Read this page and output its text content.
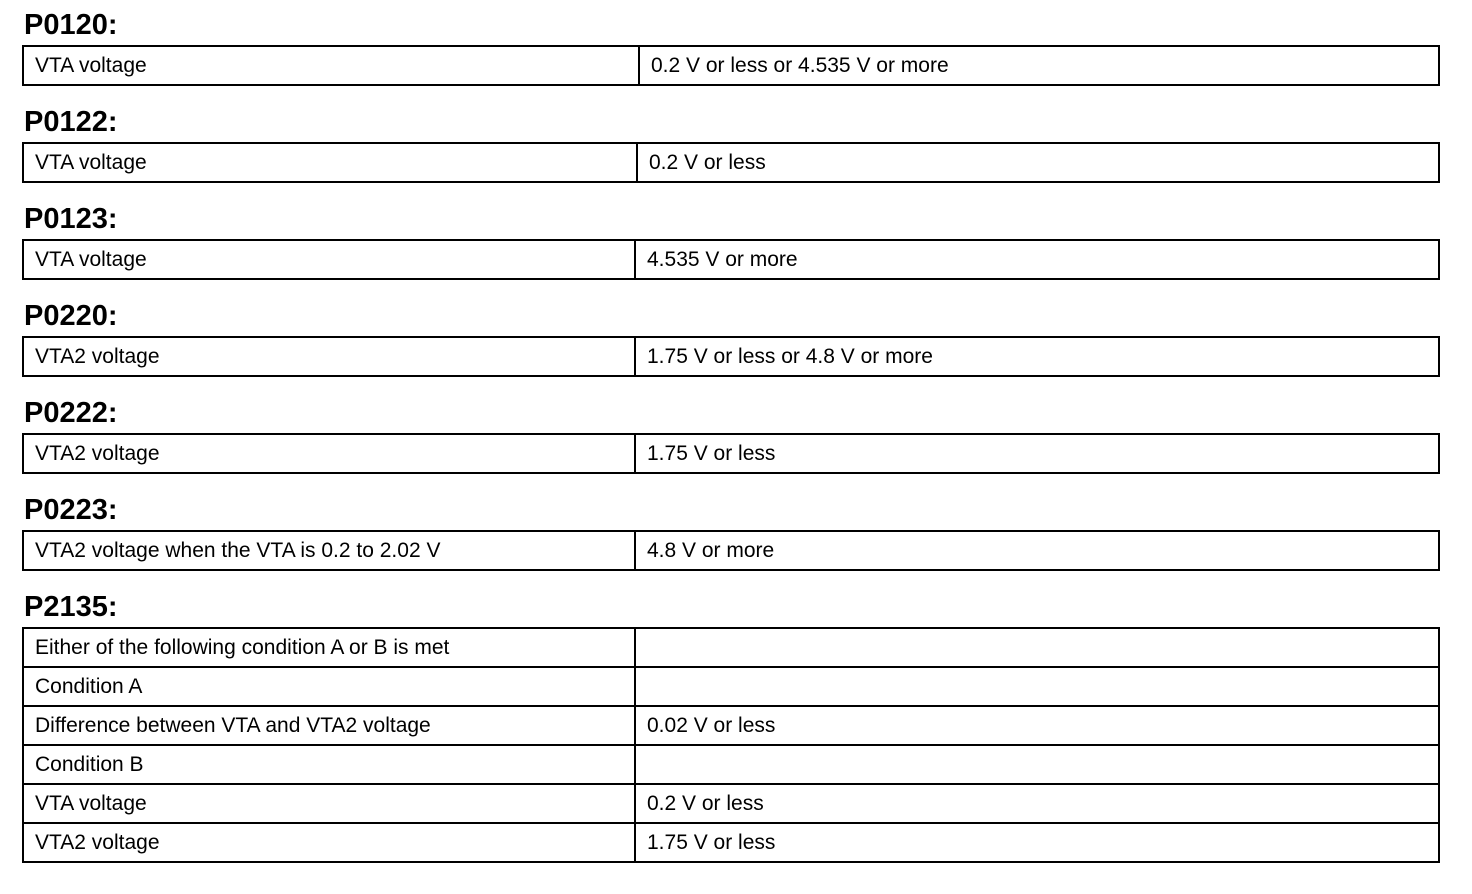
P0120:
VTA voltage	0.2 V or less or 4.535 V or more
P0122:
VTA voltage	0.2 V or less
P0123:
VTA voltage	4.535 V or more
P0220:
VTA2 voltage	1.75 V or less or 4.8 V or more
P0222:
VTA2 voltage	1.75 V or less
P0223:
VTA2 voltage when the VTA is 0.2 to 2.02 V	4.8 V or more
P2135:
Either of the following condition A or B is met	
Condition A	
Difference between VTA and VTA2 voltage	0.02 V or less
Condition B	
VTA voltage	0.2 V or less
VTA2 voltage	1.75 V or less
